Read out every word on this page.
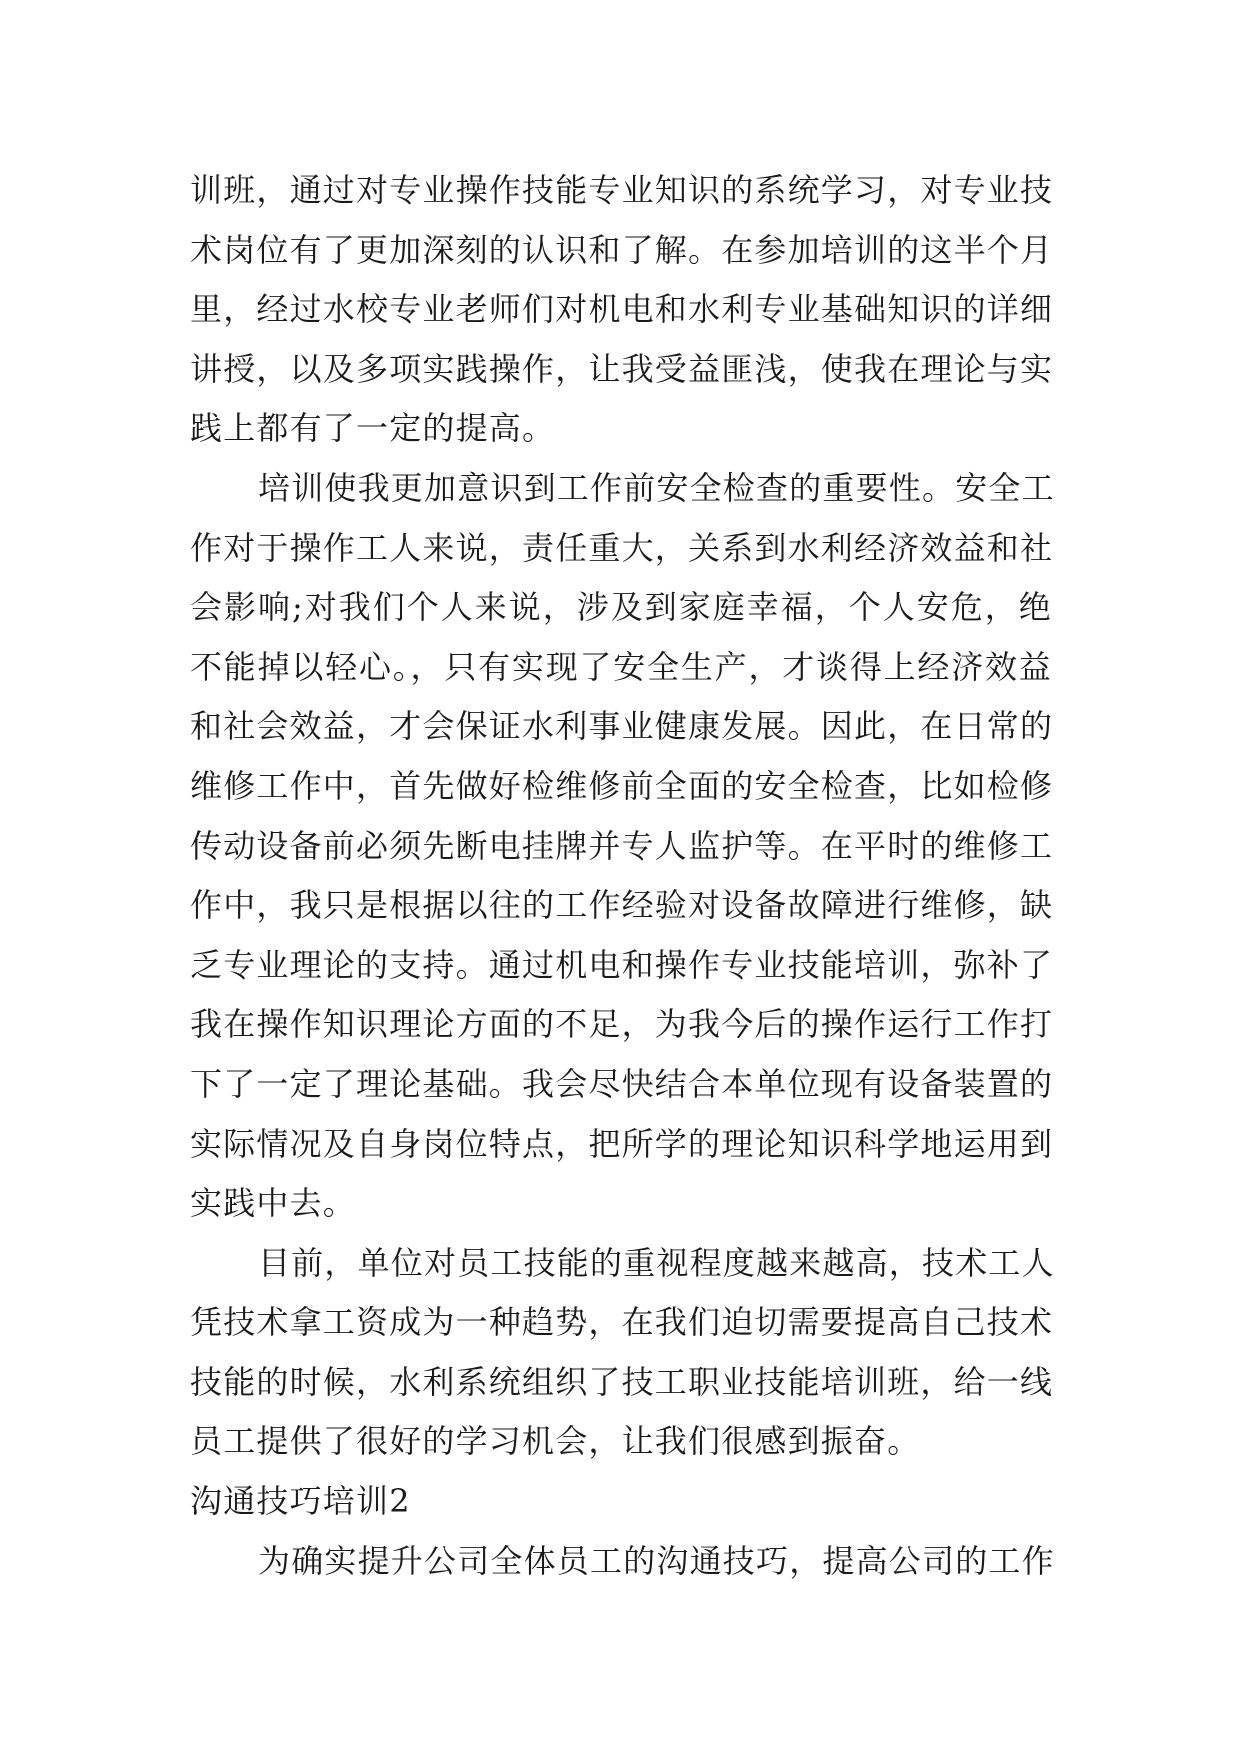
训班，通过对专业操作技能专业知识的系统学习，对专业技
术岗位有了更加深刻的认识和了解。在参加培训的这半个月
里，经过水校专业老师们对机电和水利专业基础知识的详细
讲授，以及多项实践操作，让我受益匪浅，使我在理论与实
践上都有了一定的提高。
培训使我更加意识到工作前安全检查的重要性。安全工
作对于操作工人来说，责任重大，关系到水利经济效益和社
会影响;对我们个人来说，涉及到家庭幸福，个人安危，绝
不能掉以轻心。，只有实现了安全生产，才谈得上经济效益
和社会效益，才会保证水利事业健康发展。因此，在日常的
维修工作中，首先做好检维修前全面的安全检查，比如检修
传动设备前必须先断电挂牌并专人监护等。在平时的维修工
作中，我只是根据以往的工作经验对设备故障进行维修，缺
乏专业理论的支持。通过机电和操作专业技能培训，弥补了
我在操作知识理论方面的不足，为我今后的操作运行工作打
下了一定了理论基础。我会尽快结合本单位现有设备装置的
实际情况及自身岗位特点，把所学的理论知识科学地运用到
实践中去。
目前，单位对员工技能的重视程度越来越高，技术工人
凭技术拿工资成为一种趋势，在我们迫切需要提高自己技术
技能的时候，水利系统组织了技工职业技能培训班，给一线
员工提供了很好的学习机会，让我们很感到振奋。
沟通技巧培训2
为确实提升公司全体员工的沟通技巧，提高公司的工作
